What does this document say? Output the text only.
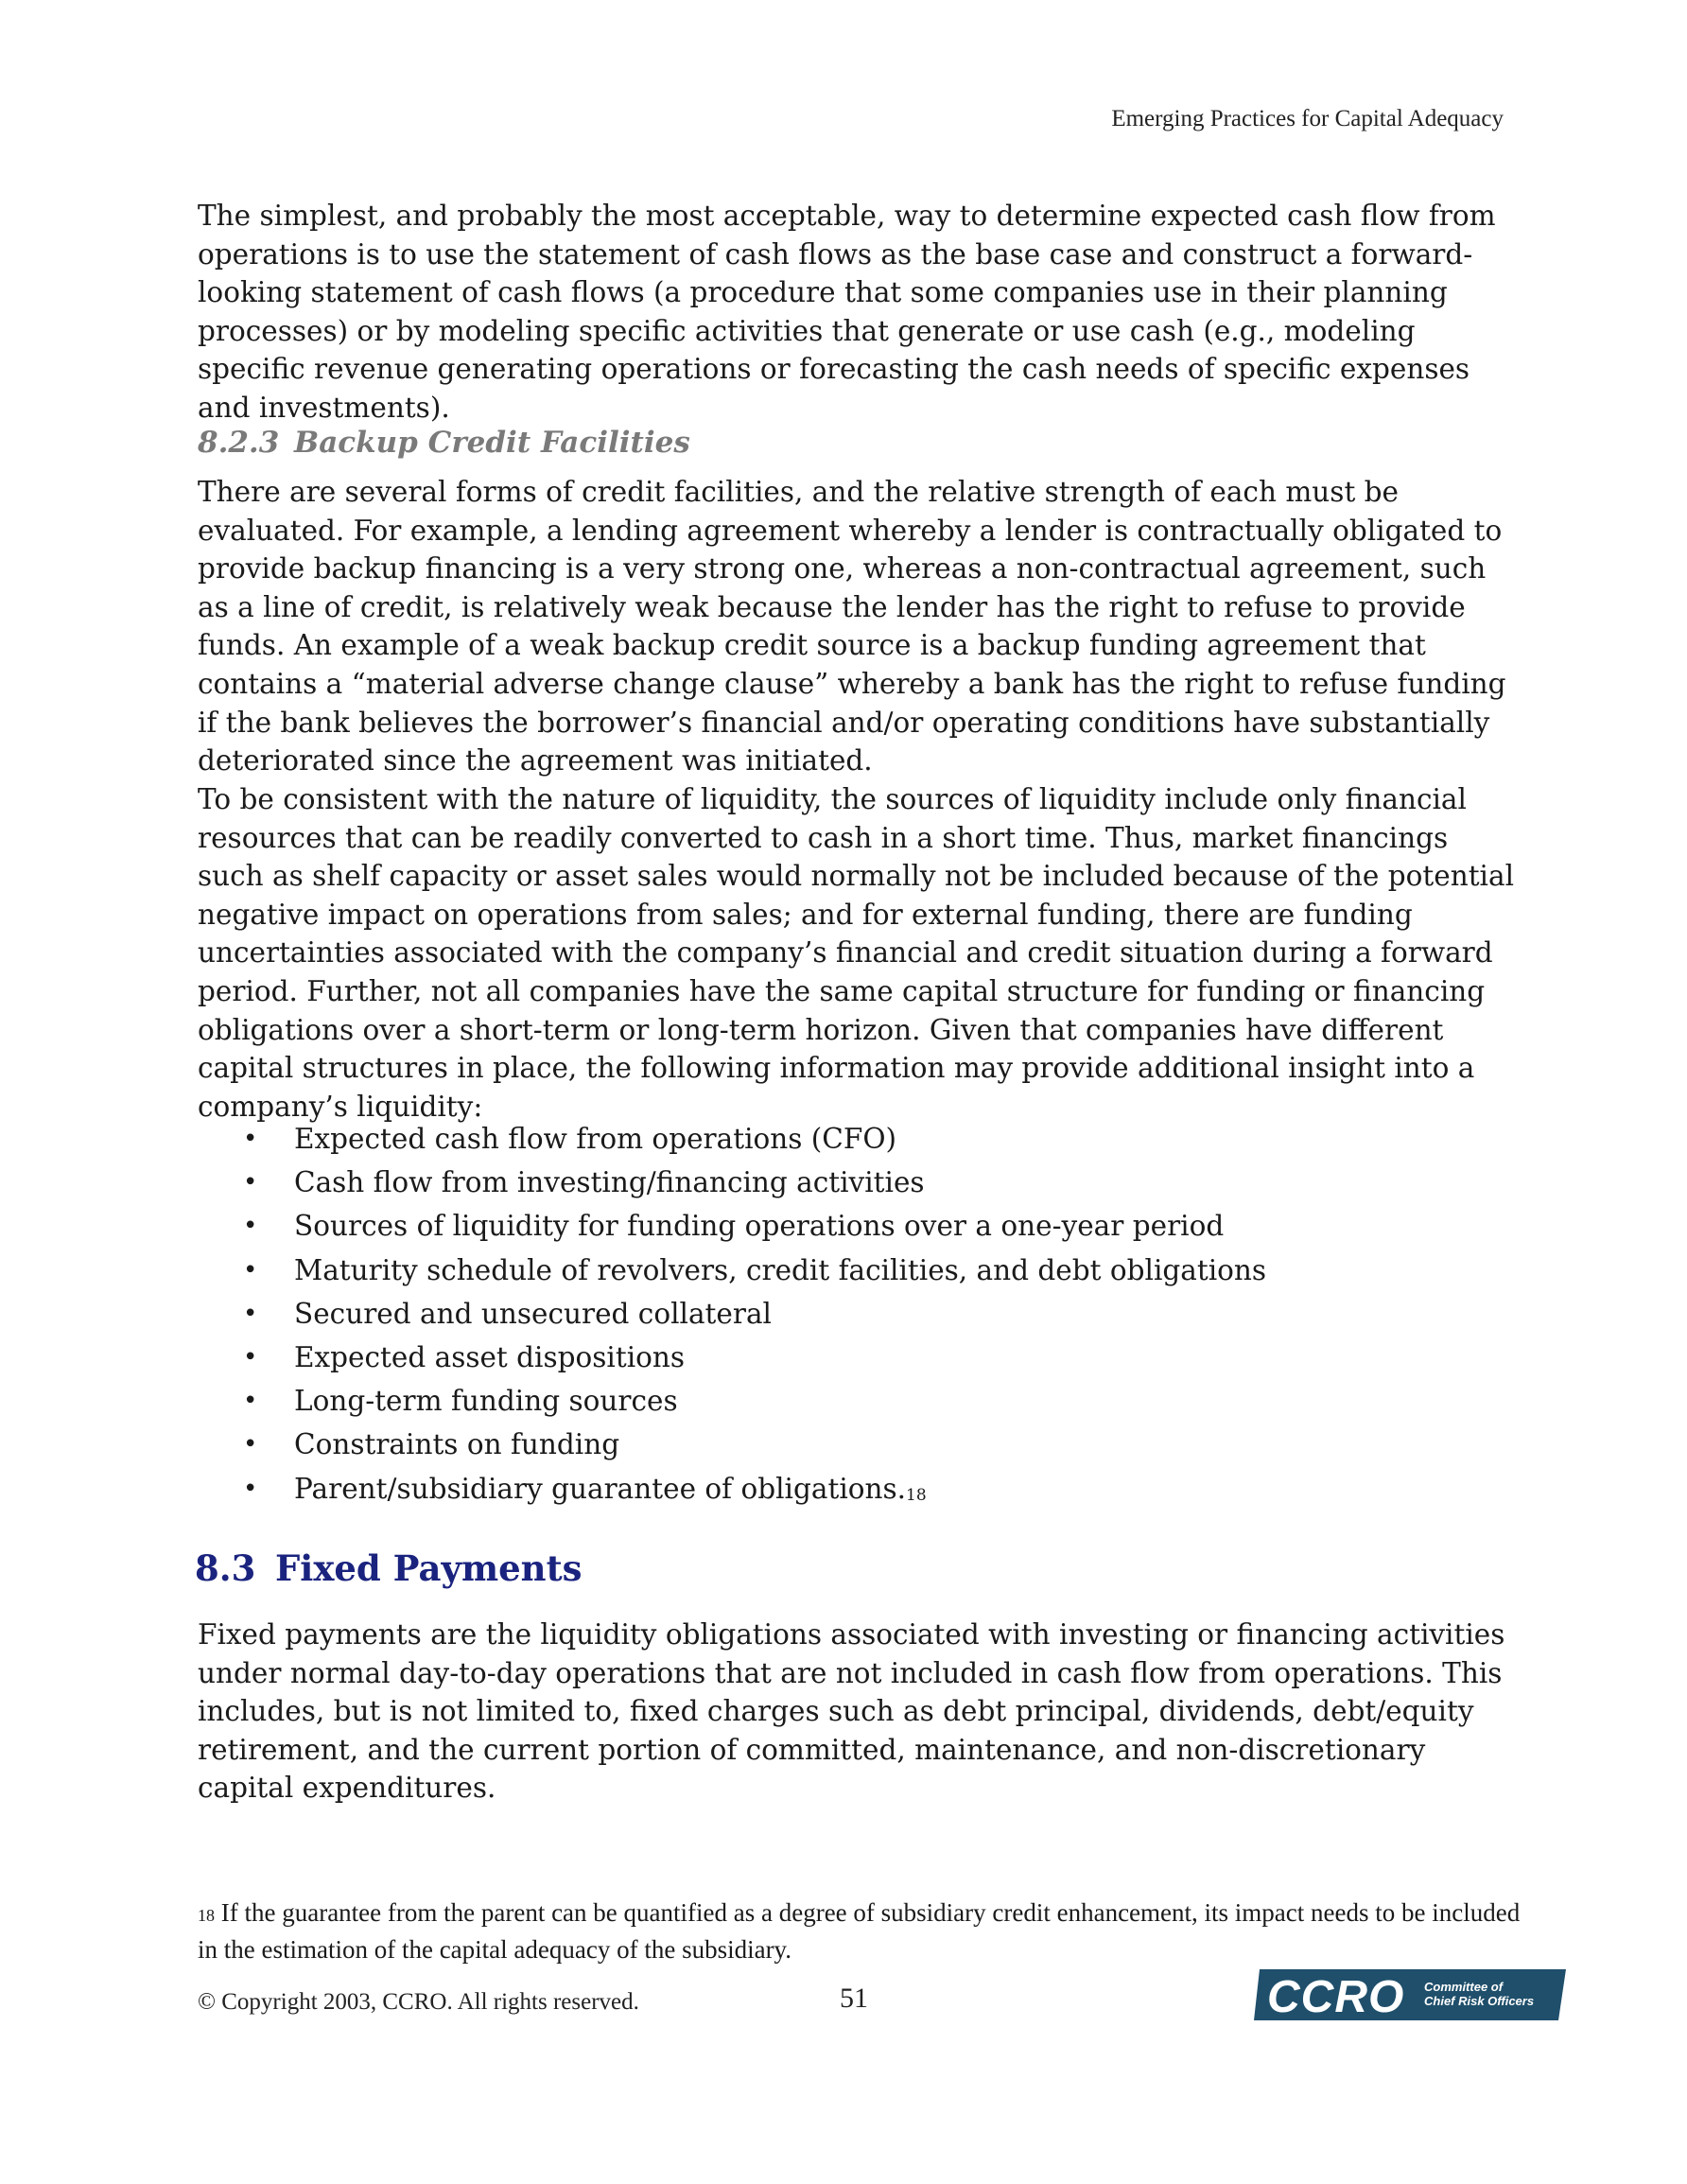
Emerging Practices for Capital Adequacy

The simplest, and probably the most acceptable, way to determine expected cash flow from operations is to use the statement of cash flows as the base case and construct a forward-looking statement of cash flows (a procedure that some companies use in their planning processes) or by modeling specific activities that generate or use cash (e.g., modeling specific revenue generating operations or forecasting the cash needs of specific expenses and investments).

8.2.3 Backup Credit Facilities

There are several forms of credit facilities, and the relative strength of each must be evaluated. For example, a lending agreement whereby a lender is contractually obligated to provide backup financing is a very strong one, whereas a non-contractual agreement, such as a line of credit, is relatively weak because the lender has the right to refuse to provide funds. An example of a weak backup credit source is a backup funding agreement that contains a “material adverse change clause” whereby a bank has the right to refuse funding if the bank believes the borrower’s financial and/or operating conditions have substantially deteriorated since the agreement was initiated.

To be consistent with the nature of liquidity, the sources of liquidity include only financial resources that can be readily converted to cash in a short time. Thus, market financings such as shelf capacity or asset sales would normally not be included because of the potential negative impact on operations from sales; and for external funding, there are funding uncertainties associated with the company’s financial and credit situation during a forward period. Further, not all companies have the same capital structure for funding or financing obligations over a short-term or long-term horizon. Given that companies have different capital structures in place, the following information may provide additional insight into a company’s liquidity:

• Expected cash flow from operations (CFO)
• Cash flow from investing/financing activities
• Sources of liquidity for funding operations over a one-year period
• Maturity schedule of revolvers, credit facilities, and debt obligations
• Secured and unsecured collateral
• Expected asset dispositions
• Long-term funding sources
• Constraints on funding
• Parent/subsidiary guarantee of obligations.$^{18}$
8.3 Fixed Payments

Fixed payments are the liquidity obligations associated with investing or financing activities under normal day-to-day operations that are not included in cash flow from operations. This includes, but is not limited to, fixed charges such as debt principal, dividends, debt/equity retirement, and the current portion of committed, maintenance, and non-discretionary capital expenditures.

18 If the guarantee from the parent can be quantified as a degree of subsidiary credit enhancement, its impact needs to be included in the estimation of the capital adequacy of the subsidiary.

© Copyright 2003, CCRO. All rights reserved.	51	CCRO Committee of
Chief Risk Officers
